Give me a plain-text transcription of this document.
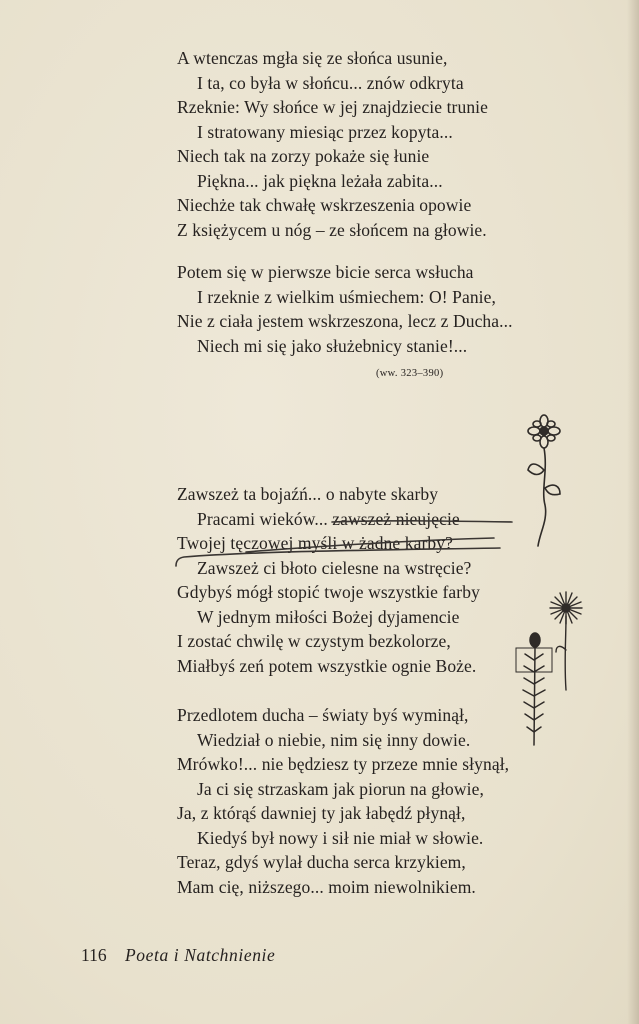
A wtenczas mgła się ze słońca usunie,
I ta, co była w słońcu... znów odkryta
Rzeknie: Wy słońce w jej znajdziecie trunie
I stratowany miesiąc przez kopyta...
Niech tak na zorzy pokaże się łunie
Piękna... jak piękna leżała zabita...
Niechże tak chwałę wskrzeszenia opowie
Z księżycem u nóg – ze słońcem na głowie.
Potem się w pierwsze bicie serca wsłucha
I rzeknie z wielkim uśmiechem: O! Panie,
Nie z ciała jestem wskrzeszona, lecz z Ducha...
Niech mi się jako służebnicy stanie!...
(ww. 323–390)
Zawszeż ta bojaźń... o nabyte skarby
Pracami wieków... zawszeż nieujęcie
Twojej tęczowej myśli w żadne karby?
Zawszeż ci błoto cielesne na wstręcie?
Gdybyś mógł stopić twoje wszystkie farby
W jednym miłości Bożej dyjamencie
I zostać chwilę w czystym bezkolorze,
Miałbyś zeń potem wszystkie ognie Boże.
Przedlotem ducha – światy byś wyminął,
Wiedział o niebie, nim się inny dowie.
Mrówko!... nie będziesz ty przeze mnie słynął,
Ja ci się strzaskam jak piorun na głowie,
Ja, z którąś dawniej ty jak łabędź płynął,
Kiedyś był nowy i sił nie miał w słowie.
Teraz, gdyś wylał ducha serca krzykiem,
Mam cię, niższego... moim niewolnikiem.
116 Poeta i Natchnienie
